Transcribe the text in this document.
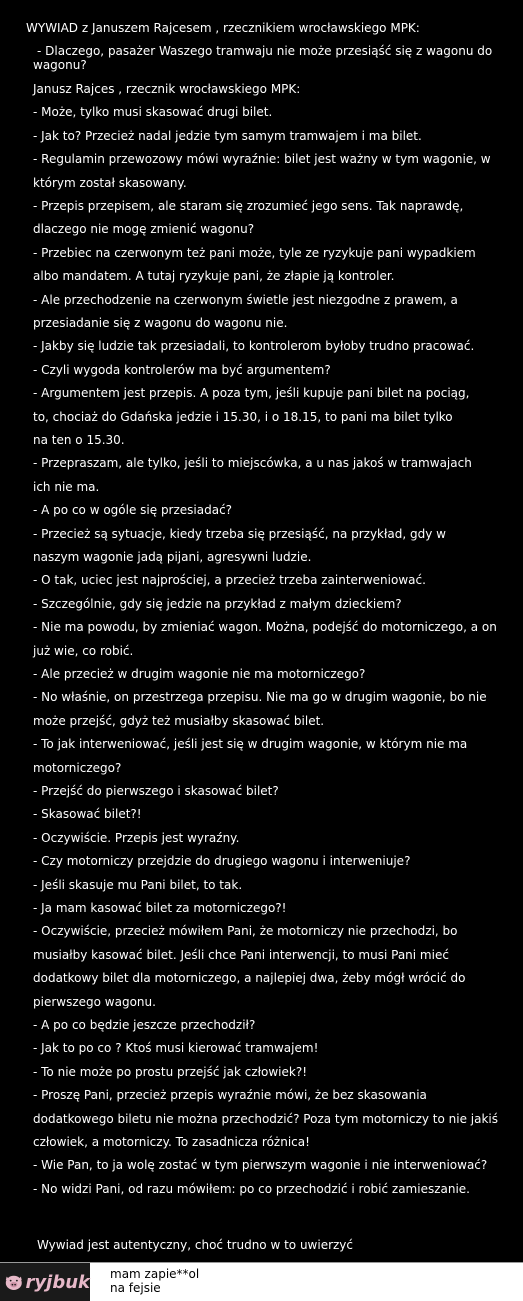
WYWIAD z Januszem Rajcesem , rzecznikiem wrocławskiego MPK:
- Dlaczego, pasażer Waszego tramwaju nie może przesiąść się z wagonu do
wagonu?
Janusz Rajces , rzecznik wrocławskiego MPK:
- Może, tylko musi skasować drugi bilet.
- Jak to? Przecież nadal jedzie tym samym tramwajem i ma bilet.
- Regulamin przewozowy mówi wyraźnie: bilet jest ważny w tym wagonie, w
którym został skasowany.
- Przepis przepisem, ale staram się zrozumieć jego sens. Tak naprawdę,
dlaczego nie mogę zmienić wagonu?
- Przebiec na czerwonym też pani może, tyle ze ryzykuje pani wypadkiem
albo mandatem. A tutaj ryzykuje pani, że złapie ją kontroler.
- Ale przechodzenie na czerwonym świetle jest niezgodne z prawem, a
przesiadanie się z wagonu do wagonu nie.
- Jakby się ludzie tak przesiadali, to kontrolerom byłoby trudno pracować.
- Czyli wygoda kontrolerów ma być argumentem?
- Argumentem jest przepis. A poza tym, jeśli kupuje pani bilet na pociąg,
to, chociaż do Gdańska jedzie i 15.30, i o 18.15, to pani ma bilet tylko
na ten o 15.30.
- Przepraszam, ale tylko, jeśli to miejscówka, a u nas jakoś w tramwajach
ich nie ma.
- A po co w ogóle się przesiadać?
- Przecież są sytuacje, kiedy trzeba się przesiąść, na przykład, gdy w
naszym wagonie jadą pijani, agresywni ludzie.
- O tak, uciec jest najprościej, a przecież trzeba zainterweniować.
- Szczególnie, gdy się jedzie na przykład z małym dzieckiem?
- Nie ma powodu, by zmieniać wagon. Można, podejść do motorniczego, a on
już wie, co robić.
- Ale przecież w drugim wagonie nie ma motorniczego?
- No właśnie, on przestrzega przepisu. Nie ma go w drugim wagonie, bo nie
może przejść, gdyż też musiałby skasować bilet.
- To jak interweniować, jeśli jest się w drugim wagonie, w którym nie ma
motorniczego?
- Przejść do pierwszego i skasować bilet?
- Skasować bilet?!
- Oczywiście. Przepis jest wyraźny.
- Czy motorniczy przejdzie do drugiego wagonu i interweniuje?
- Jeśli skasuje mu Pani bilet, to tak.
- Ja mam kasować bilet za motorniczego?!
- Oczywiście, przecież mówiłem Pani, że motorniczy nie przechodzi, bo
musiałby kasować bilet. Jeśli chce Pani interwencji, to musi Pani mieć
dodatkowy bilet dla motorniczego, a najlepiej dwa, żeby mógł wrócić do
pierwszego wagonu.
- A po co będzie jeszcze przechodził?
- Jak to po co ? Ktoś musi kierować tramwajem!
- To nie może po prostu przejść jak człowiek?!
- Proszę Pani, przecież przepis wyraźnie mówi, że bez skasowania
dodatkowego biletu nie można przechodzić? Poza tym motorniczy to nie jakiś
człowiek, a motorniczy. To zasadnicza różnica!
- Wie Pan, to ja wolę zostać w tym pierwszym wagonie i nie interweniować?
- No widzi Pani, od razu mówiłem: po co przechodzić i robić zamieszanie.
Wywiad jest autentyczny, choć trudno w to uwierzyć
ryjbuk mam zapie**ol
na fejsie
